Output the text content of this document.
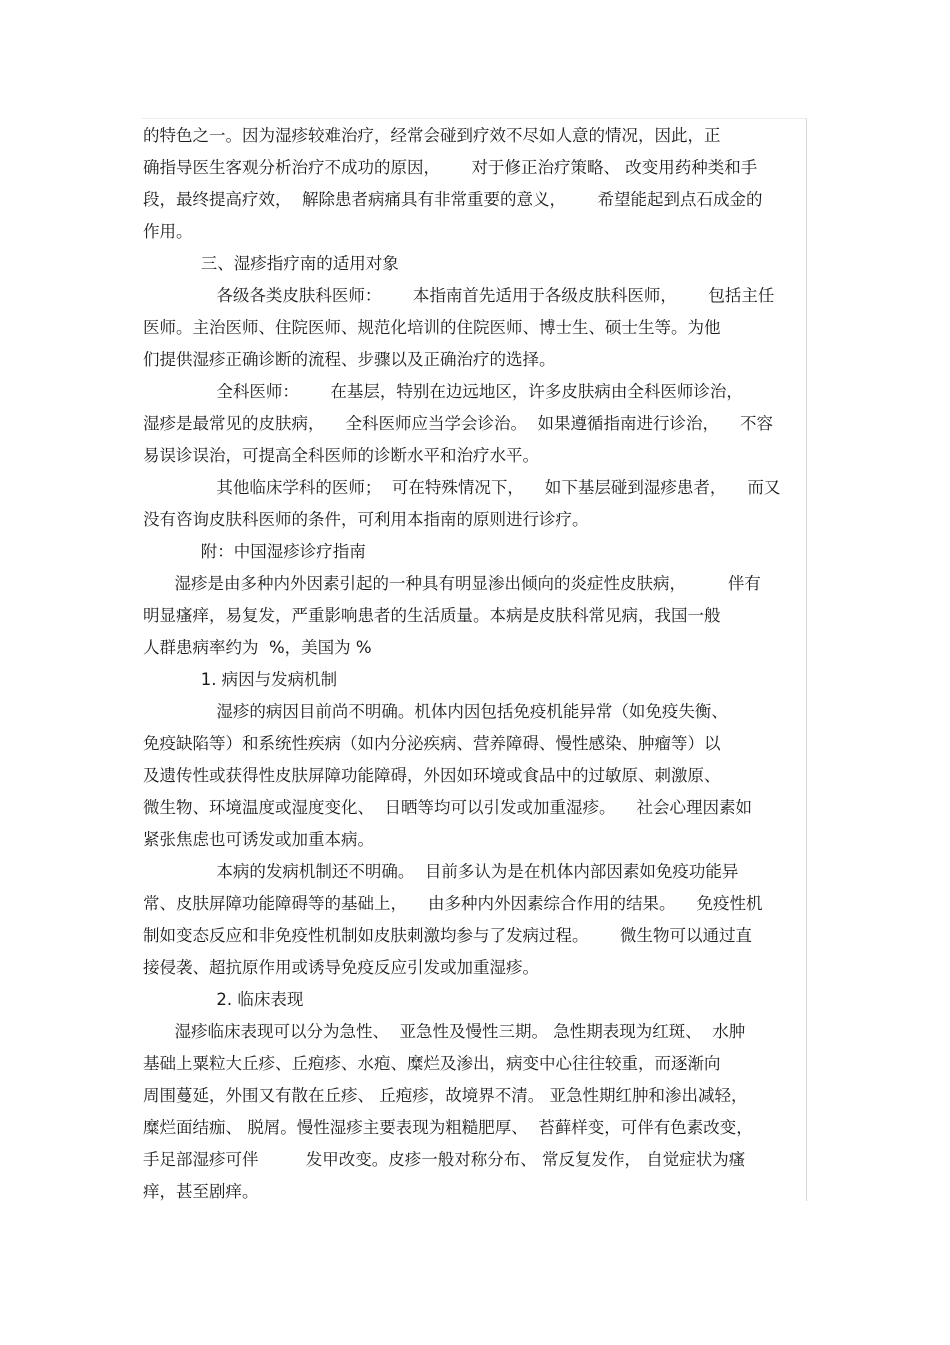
的特色之一。因为湿疹较难治疗，经常会碰到疗效不尽如人意的情况，因此，正
确指导医生客观分析治疗不成功的原因，      对于修正治疗策略、 改变用药种类和手
段，最终提高疗效，  解除患者病痛具有非常重要的意义，      希望能起到点石成金的
作用。
三、湿疹指疗南的适用对象
各级各类皮肤科医师：      本指南首先适用于各级皮肤科医师，      包括主任
医师。主治医师、住院医师、规范化培训的住院医师、博士生、硕士生等。为他
们提供湿疹正确诊断的流程、步骤以及正确治疗的选择。
全科医师：      在基层，特别在边远地区，许多皮肤病由全科医师诊治，
湿疹是最常见的皮肤病，    全科医师应当学会诊治。  如果遵循指南进行诊治，    不容
易误诊误治，可提高全科医师的诊断水平和治疗水平。
其他临床学科的医师；  可在特殊情况下，    如下基层碰到湿疹患者，    而又
没有咨询皮肤科医师的条件，可利用本指南的原则进行诊疗。
附：中国湿疹诊疗指南
湿疹是由多种内外因素引起的一种具有明显渗出倾向的炎症性皮肤病，        伴有
明显瘙痒，易复发，严重影响患者的生活质量。本病是皮肤科常见病，我国一般
人群患病率约为  %，美国为 %
1. 病因与发病机制
湿疹的病因目前尚不明确。机体内因包括免疫机能异常（如免疫失衡、
免疫缺陷等）和系统性疾病（如内分泌疾病、营养障碍、慢性感染、肿瘤等）以
及遗传性或获得性皮肤屏障功能障碍，外因如环境或食品中的过敏原、刺激原、
微生物、环境温度或湿度变化、  日晒等均可以引发或加重湿疹。    社会心理因素如
紧张焦虑也可诱发或加重本病。
本病的发病机制还不明确。  目前多认为是在机体内部因素如免疫功能异
常、皮肤屏障功能障碍等的基础上，    由多种内外因素综合作用的结果。    免疫性机
制如变态反应和非免疫性机制如皮肤刺激均参与了发病过程。      微生物可以通过直
接侵袭、超抗原作用或诱导免疫反应引发或加重湿疹。
2. 临床表现
湿疹临床表现可以分为急性、  亚急性及慢性三期。 急性期表现为红斑、  水肿
基础上粟粒大丘疹、丘疱疹、水疱、糜烂及渗出，病变中心往往较重，而逐渐向
周围蔓延，外围又有散在丘疹、 丘疱疹，故境界不清。 亚急性期红肿和渗出减轻，
糜烂面结痂、 脱屑。慢性湿疹主要表现为粗糙肥厚、  苔藓样变，可伴有色素改变，
手足部湿疹可伴         发甲改变。皮疹一般对称分布、 常反复发作， 自觉症状为瘙
痒，甚至剧痒。
